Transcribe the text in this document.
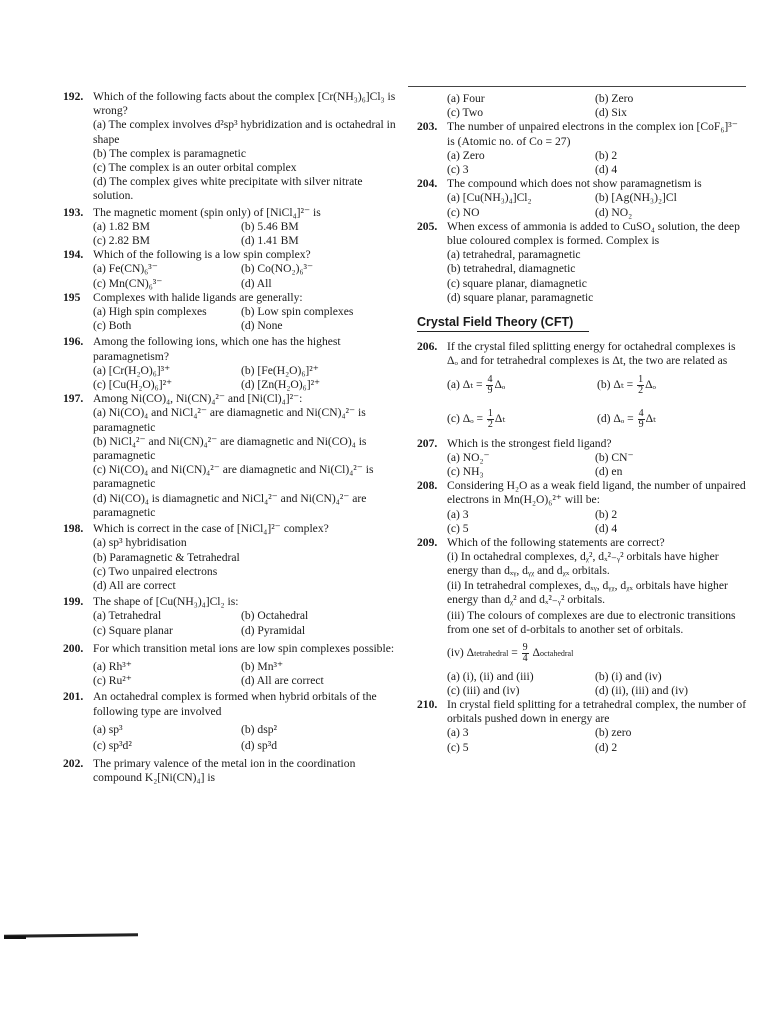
192. Which of the following facts about the complex [Cr(NH₃)₆]Cl₃ is wrong?
(a) The complex involves d²sp³ hybridization and is octahedral in shape
(b) The complex is paramagnetic
(c) The complex is an outer orbital complex
(d) The complex gives white precipitate with silver nitrate solution.
193. The magnetic moment (spin only) of [NiCl₄]²⁻ is
(a) 1.82 BM	(b) 5.46 BM
(c) 2.82 BM	(d) 1.41 BM
194. Which of the following is a low spin complex?
(a) Fe(CN)₆³⁻	(b) Co(NO₂)₆³⁻
(c) Mn(CN)₆³⁻	(d) All
195	Complexes with halide ligands are generally:
(a) High spin complexes	(b) Low spin complexes
(c) Both	(d) None
196. Among the following ions, which one has the highest paramagnetism?
(a) [Cr(H₂O)₆]³⁺	(b) [Fe(H₂O)₆]²⁺
(c) [Cu(H₂O)₆]²⁺	(d) [Zn(H₂O)₆]²⁺
197. Among Ni(CO)₄, Ni(CN)₄²⁻ and [Ni(Cl)₄]²⁻:
(a) Ni(CO)₄ and NiCl₄²⁻ are diamagnetic and Ni(CN)₄²⁻ is paramagnetic
(b) NiCl₄²⁻ and Ni(CN)₄²⁻ are diamagnetic and Ni(CO)₄ is paramagnetic
(c) Ni(CO)₄ and Ni(CN)₄²⁻ are diamagnetic and Ni(Cl)₄²⁻ is paramagnetic
(d) Ni(CO)₄ is diamagnetic and NiCl₄²⁻ and Ni(CN)₄²⁻ are paramagnetic
198. Which is correct in the case of [NiCl₄]²⁻ complex?
(a) sp³ hybridisation
(b) Paramagnetic & Tetrahedral
(c) Two unpaired electrons
(d) All are correct
199. The shape of [Cu(NH₃)₄]Cl₂ is:
(a) Tetrahedral	(b) Octahedral
(c) Square planar	(d) Pyramidal
200. For which transition metal ions are low spin complexes possible:
(a) Rh³⁺	(b) Mn³⁺
(c) Ru²⁺	(d) All are correct
201. An octahedral complex is formed when hybrid orbitals of the following type are involved
(a) sp³	(b) dsp²
(c) sp³d²	(d) sp³d
202. The primary valence of the metal ion in the coordination compound K₂[Ni(CN)₄] is
(a) Four	(b) Zero
(c) Two	(d) Six
203. The number of unpaired electrons in the complex ion [CoF₆]³⁻ is (Atomic no. of Co = 27)
(a) Zero	(b) 2
(c) 3	(d) 4
204. The compound which does not show paramagnetism is
(a) [Cu(NH₃)₄]Cl₂	(b) [Ag(NH₃)₂]Cl
(c) NO	(d) NO₂
205. When excess of ammonia is added to CuSO₄ solution, the deep blue coloured complex is formed. Complex is
(a) tetrahedral, paramagnetic
(b) tetrahedral, diamagnetic
(c) square planar, diamagnetic
(d) square planar, paramagnetic
Crystal Field Theory (CFT)
206. If the crystal filed splitting energy for octahedral complexes is Δₒ and for tetrahedral complexes is Δt, the two are related as
(a) $\Delta_t = \frac{4}{9}$ Δₒ	(b) $\Delta_t = \frac{1}{2}$ Δₒ
(c) $\Delta_o = \frac{1}{2}$ Δₜ	(d) $\Delta_o = \frac{4}{9}$ Δₜ
207. Which is the strongest field ligand?
(a) NO₂⁻	(b) CN⁻
(c) NH₃	(d) en
208. Considering H₂O as a weak field ligand, the number of unpaired electrons in Mn(H₂O)₆²⁺ will be:
(a) 3	(b) 2
(c) 5	(d) 4
209. Which of the following statements are correct?
(i) In octahedral complexes, dᵪ², dₓ²₋ᵧ² orbitals have higher energy than dₓᵧ, dᵧᵪ and dᵪₓ orbitals.
(ii) In tetrahedral complexes, dₓᵧ, dᵧᵪ, dᵪₓ orbitals have higher energy than dᵪ² and dₓ²₋ᵧ² orbitals.
(iii) The colours of complexes are due to electronic transitions from one set of d-orbitals to another set of orbitals.
(iv) Δ tetrahedral = $\frac{9}{4}$ Δ octahedral
(a) (i), (ii) and (iii)	(b) (i) and (iv)
(c) (iii) and (iv)	(d) (ii), (iii) and (iv)
210. In crystal field splitting for a tetrahedral complex, the number of orbitals pushed down in energy are
(a) 3	(b) zero
(c) 5	(d) 2
